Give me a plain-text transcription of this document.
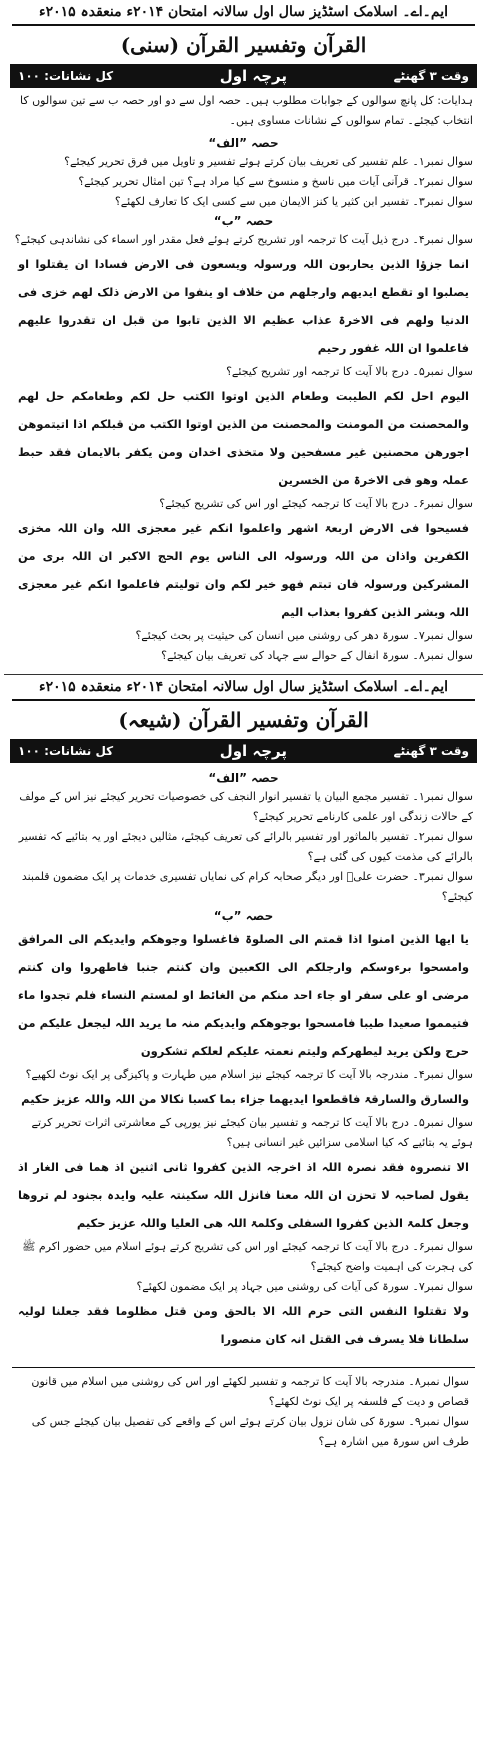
ایم۔اے۔ اسلامک اسٹڈیز سال اول سالانہ امتحان ۲۰۱۴ء منعقدہ ۲۰۱۵ء
القرآن وتفسیر القرآن (سنی)
وقت ۳ گھنٹے
پرچہ اول
کل نشانات: ۱۰۰
ہدایات: کل پانچ سوالوں کے جوابات مطلوب ہیں۔ حصہ اول سے دو اور حصہ ب سے تین سوالوں کا انتخاب کیجئے۔ تمام سوالوں کے نشانات مساوی ہیں۔
حصہ ”الف“
سوال نمبر۱۔ علم تفسیر کی تعریف بیان کرتے ہوئے تفسیر و تاویل میں فرق تحریر کیجئے؟
سوال نمبر۲۔ قرآنی آیات میں ناسخ و منسوخ سے کیا مراد ہے؟ تین امثال تحریر کیجئے؟
سوال نمبر۳۔ تفسیر ابن کثیر یا کنز الایمان میں سے کسی ایک کا تعارف لکھئے؟
حصہ ”ب“
سوال نمبر۴۔ درج ذیل آیت کا ترجمہ اور تشریح کرتے ہوئے فعل مقدر اور اسماء کی نشاندہی کیجئے؟
انما جزؤا الذین یحاربون اللہ ورسولہ ویسعون فی الارض فسادا ان یقتلوا او یصلبوا او تقطع ایدیھم وارجلھم من خلاف او ینفوا من الارض ذلک لھم خزی فی الدنیا ولھم فی الاخرۃ عذاب عظیم الا الذین تابوا من قبل ان تقدروا علیھم فاعلموا ان اللہ غفور رحیم
سوال نمبر۵۔ درج بالا آیت کا ترجمہ اور تشریح کیجئے؟
الیوم احل لکم الطیبت وطعام الذین اوتوا الکتب حل لکم وطعامکم حل لھم والمحصنت من المومنت والمحصنت من الذین اوتوا الکتب من قبلکم اذا اتیتموھن اجورھن محصنین غیر مسفحین ولا متخذی اخدان ومن یکفر بالایمان فقد حبط عملہ وھو فی الاخرۃ من الخسرین
سوال نمبر۶۔ درج بالا آیت کا ترجمہ کیجئے اور اس کی تشریح کیجئے؟
فسیحوا فی الارض اربعۃ اشھر واعلموا انکم غیر معجزی اللہ وان اللہ مخزی الکفرین واذان من اللہ ورسولہ الی الناس یوم الحج الاکبر ان اللہ بری من المشرکین ورسولہ فان تبتم فھو خیر لکم وان تولیتم فاعلموا انکم غیر معجزی اللہ وبشر الذین کفروا بعذاب الیم
سوال نمبر۷۔ سورۃ دھر کی روشنی میں انسان کی حیثیت پر بحث کیجئے؟
سوال نمبر۸۔ سورۃ انفال کے حوالے سے جہاد کی تعریف بیان کیجئے؟
ایم۔اے۔ اسلامک اسٹڈیز سال اول سالانہ امتحان ۲۰۱۴ء منعقدہ ۲۰۱۵ء
القرآن وتفسیر القرآن (شیعہ)
وقت ۳ گھنٹے
پرچہ اول
کل نشانات: ۱۰۰
حصہ ”الف“
سوال نمبر۱۔ تفسیر مجمع البیان یا تفسیر انوار النجف کی خصوصیات تحریر کیجئے نیز اس کے مولف کے حالات زندگی اور علمی کارنامے تحریر کیجئے؟
سوال نمبر۲۔ تفسیر بالماثور اور تفسیر بالرائے کی تعریف کیجئے، مثالیں دیجئے اور یہ بتائیے کہ تفسیر بالرائے کی مذمت کیوں کی گئی ہے؟
سوال نمبر۳۔ حضرت علیؑ اور دیگر صحابہ کرام کی نمایاں تفسیری خدمات پر ایک مضمون قلمبند کیجئے؟
حصہ ”ب“
یا ایھا الذین امنوا اذا قمتم الی الصلوۃ فاغسلوا وجوھکم وایدیکم الی المرافق وامسحوا برءوسکم وارجلکم الی الکعبین وان کنتم جنبا فاطھروا وان کنتم مرضی او علی سفر او جاء احد منکم من الغائط او لمستم النساء فلم تجدوا ماء فتیمموا صعیدا طیبا فامسحوا بوجوھکم وایدیکم منہ ما یرید اللہ لیجعل علیکم من حرج ولکن یرید لیطھرکم ولیتم نعمتہ علیکم لعلکم تشکرون
سوال نمبر۴۔ مندرجہ بالا آیت کا ترجمہ کیجئے نیز اسلام میں طہارت و پاکیزگی پر ایک نوٹ لکھیے؟
والسارق والسارقۃ فاقطعوا ایدیھما جزاء بما کسبا نکالا من اللہ واللہ عزیز حکیم
سوال نمبر۵۔ درج بالا آیت کا ترجمہ و تفسیر بیان کیجئے نیز یورپی کے معاشرتی اثرات تحریر کرتے ہوئے یہ بتائیے کہ کیا اسلامی سزائیں غیر انسانی ہیں؟
الا تنصروہ فقد نصرہ اللہ اذ اخرجہ الذین کفروا ثانی اثنین اذ ھما فی الغار اذ یقول لصاحبہ لا تحزن ان اللہ معنا فانزل اللہ سکینتہ علیہ وایدہ بجنود لم تروھا وجعل کلمۃ الذین کفروا السفلی وکلمۃ اللہ ھی العلیا واللہ عزیز حکیم
سوال نمبر۶۔ درج بالا آیت کا ترجمہ کیجئے اور اس کی تشریح کرتے ہوئے اسلام میں حضور اکرم ﷺ کی ہجرت کی اہمیت واضح کیجئے؟
سوال نمبر۷۔ سورۃ کی آیات کی روشنی میں جہاد پر ایک مضمون لکھئے؟
ولا تقتلوا النفس التی حرم اللہ الا بالحق ومن قتل مظلوما فقد جعلنا لولیہ سلطانا فلا یسرف فی القتل انہ کان منصورا
سوال نمبر۸۔ مندرجہ بالا آیت کا ترجمہ و تفسیر لکھئے اور اس کی روشنی میں اسلام میں قانون قصاص و دیت کے فلسفہ پر ایک نوٹ لکھئے؟
سوال نمبر۹۔ سورۃ کی شان نزول بیان کرتے ہوئے اس کے واقعے کی تفصیل بیان کیجئے جس کی طرف اس سورۃ میں اشارہ ہے؟
